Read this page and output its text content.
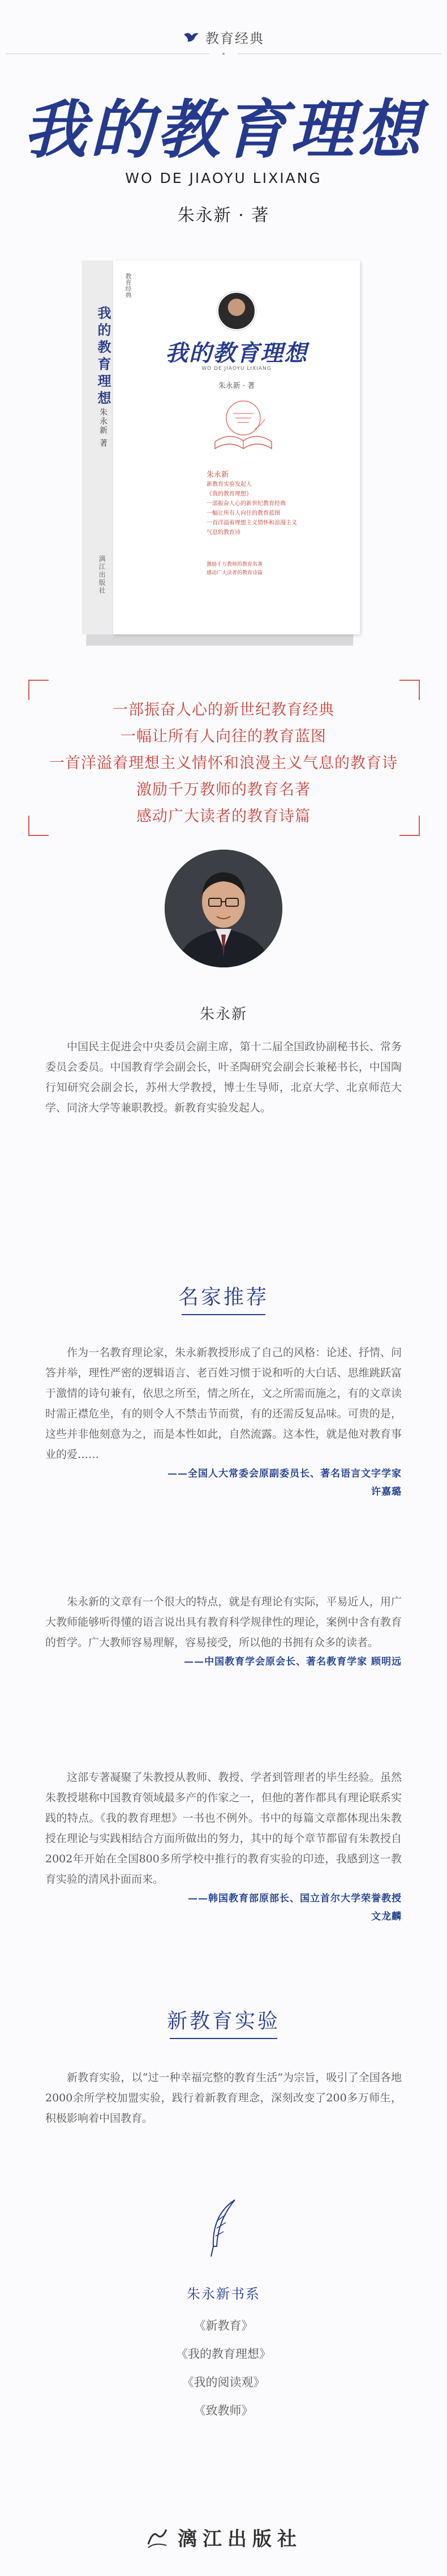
教育经典
我的教育理想
WO DE JIAOYU LIXIANG
朱永新 · 著
我的教育理想
朱永新 著
漓江出版社
教育经典
我的教育理想
WO DE JIAOYU LIXIANG
朱永新 · 著
朱永新
新教育实验发起人
《我的教育理想》
一部振奋人心的新世纪教育经典
一幅让所有人向往的教育蓝图
一首洋溢着理想主义情怀和浪漫主义气息的教育诗
激励千万教师的教育名著
感动广大读者的教育诗篇
一部振奋人心的新世纪教育经典
一幅让所有人向往的教育蓝图
一首洋溢着理想主义情怀和浪漫主义气息的教育诗
激励千万教师的教育名著
感动广大读者的教育诗篇
朱永新
中国民主促进会中央委员会副主席，第十二届全国政协副秘书长、常务委员会委员。中国教育学会副会长，叶圣陶研究会副会长兼秘书长，中国陶行知研究会副会长，苏州大学教授，博士生导师，北京大学、北京师范大学、同济大学等兼职教授。新教育实验发起人。
名家推荐
作为一名教育理论家，朱永新教授形成了自己的风格：论述、抒情、问答并举，理性严密的逻辑语言、老百姓习惯于说和听的大白话、思维跳跃富于激情的诗句兼有，依思之所至，情之所在，文之所需而施之，有的文章读时需正襟危坐，有的则令人不禁击节而赏，有的还需反复品味。可贵的是，这些并非他刻意为之，而是本性如此，自然流露。这本性，就是他对教育事业的爱……
——全国人大常委会原副委员长、著名语言文字学家
许嘉璐
朱永新的文章有一个很大的特点，就是有理论有实际，平易近人，用广大教师能够听得懂的语言说出具有教育科学规律性的理论，案例中含有教育的哲学。广大教师容易理解，容易接受，所以他的书拥有众多的读者。
——中国教育学会原会长、著名教育学家 顾明远
这部专著凝聚了朱教授从教师、教授、学者到管理者的毕生经验。虽然朱教授堪称中国教育领域最多产的作家之一，但他的著作都具有理论联系实践的特点。《我的教育理想》一书也不例外。书中的每篇文章都体现出朱教授在理论与实践相结合方面所做出的努力，其中的每个章节都留有朱教授自2002年开始在全国800多所学校中推行的教育实验的印迹，我感到这一教育实验的清风扑面而来。
——韩国教育部原部长、国立首尔大学荣誉教授
文龙麟
新教育实验
新教育实验，以“过一种幸福完整的教育生活”为宗旨，吸引了全国各地2000余所学校加盟实验，践行着新教育理念，深刻改变了200多万师生，积极影响着中国教育。
朱永新书系
《新教育》
《我的教育理想》
《我的阅读观》
《致教师》
漓江出版社
